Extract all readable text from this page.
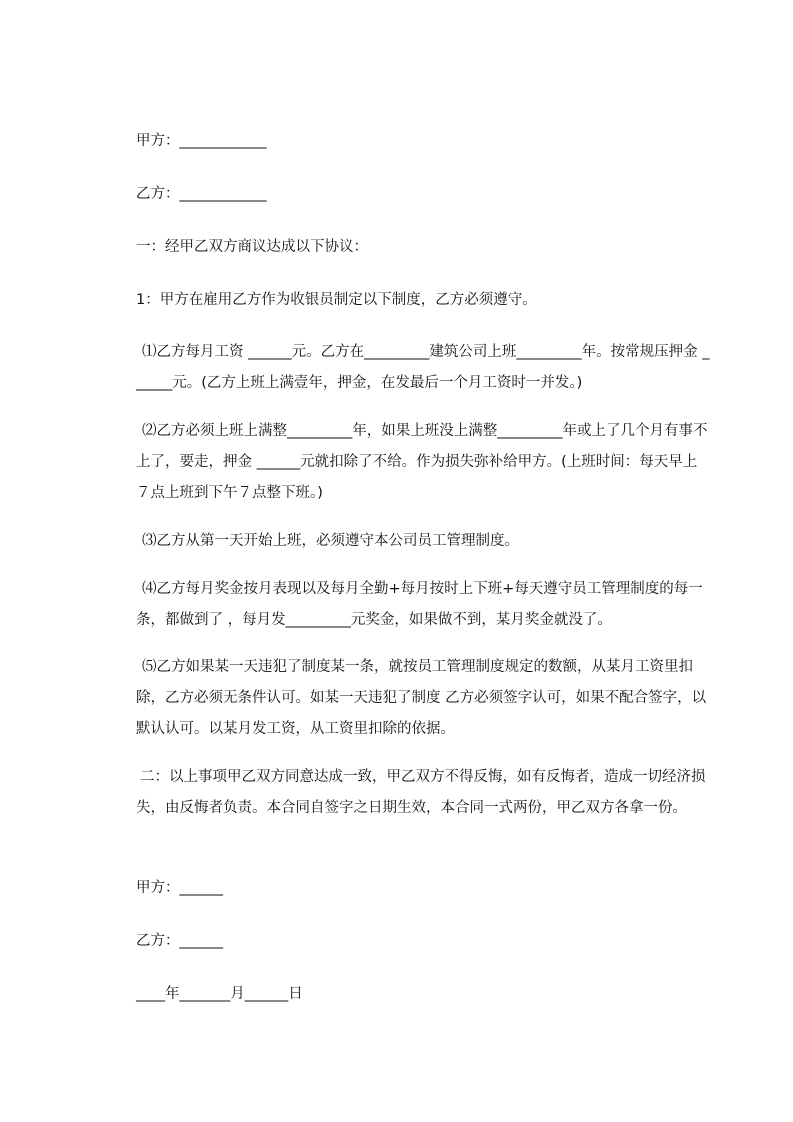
甲方：____________
乙方：____________
一：经甲乙双方商议达成以下协议：
1：甲方在雇用乙方作为收银员制定以下制度，乙方必须遵守。
⑴乙方每月工资 ______元。乙方在_________建筑公司上班_________年。按常规压押金 ______元。(乙方上班上满壹年，押金，在发最后一个月工资时一并发。)
⑵乙方必须上班上满整_________年，如果上班没上满整_________年或上了几个月有事不上了，要走，押金 ______元就扣除了不给。作为损失弥补给甲方。(上班时间：每天早上７点上班到下午７点整下班。)
⑶乙方从第一天开始上班，必须遵守本公司员工管理制度。
⑷乙方每月奖金按月表现以及每月全勤+每月按时上下班+每天遵守员工管理制度的每一条，都做到了 ，每月发_________元奖金，如果做不到，某月奖金就没了。
⑸乙方如果某一天违犯了制度某一条，就按员工管理制度规定的数额，从某月工资里扣除，乙方必须无条件认可。如某一天违犯了制度 乙方必须签字认可，如果不配合签字，以默认认可。以某月发工资，从工资里扣除的依据。
二：以上事项甲乙双方同意达成一致，甲乙双方不得反悔，如有反悔者，造成一切经济损失，由反悔者负责。本合同自签字之日期生效，本合同一式两份，甲乙双方各拿一份。
甲方：______
乙方：______
____年_______月______日
